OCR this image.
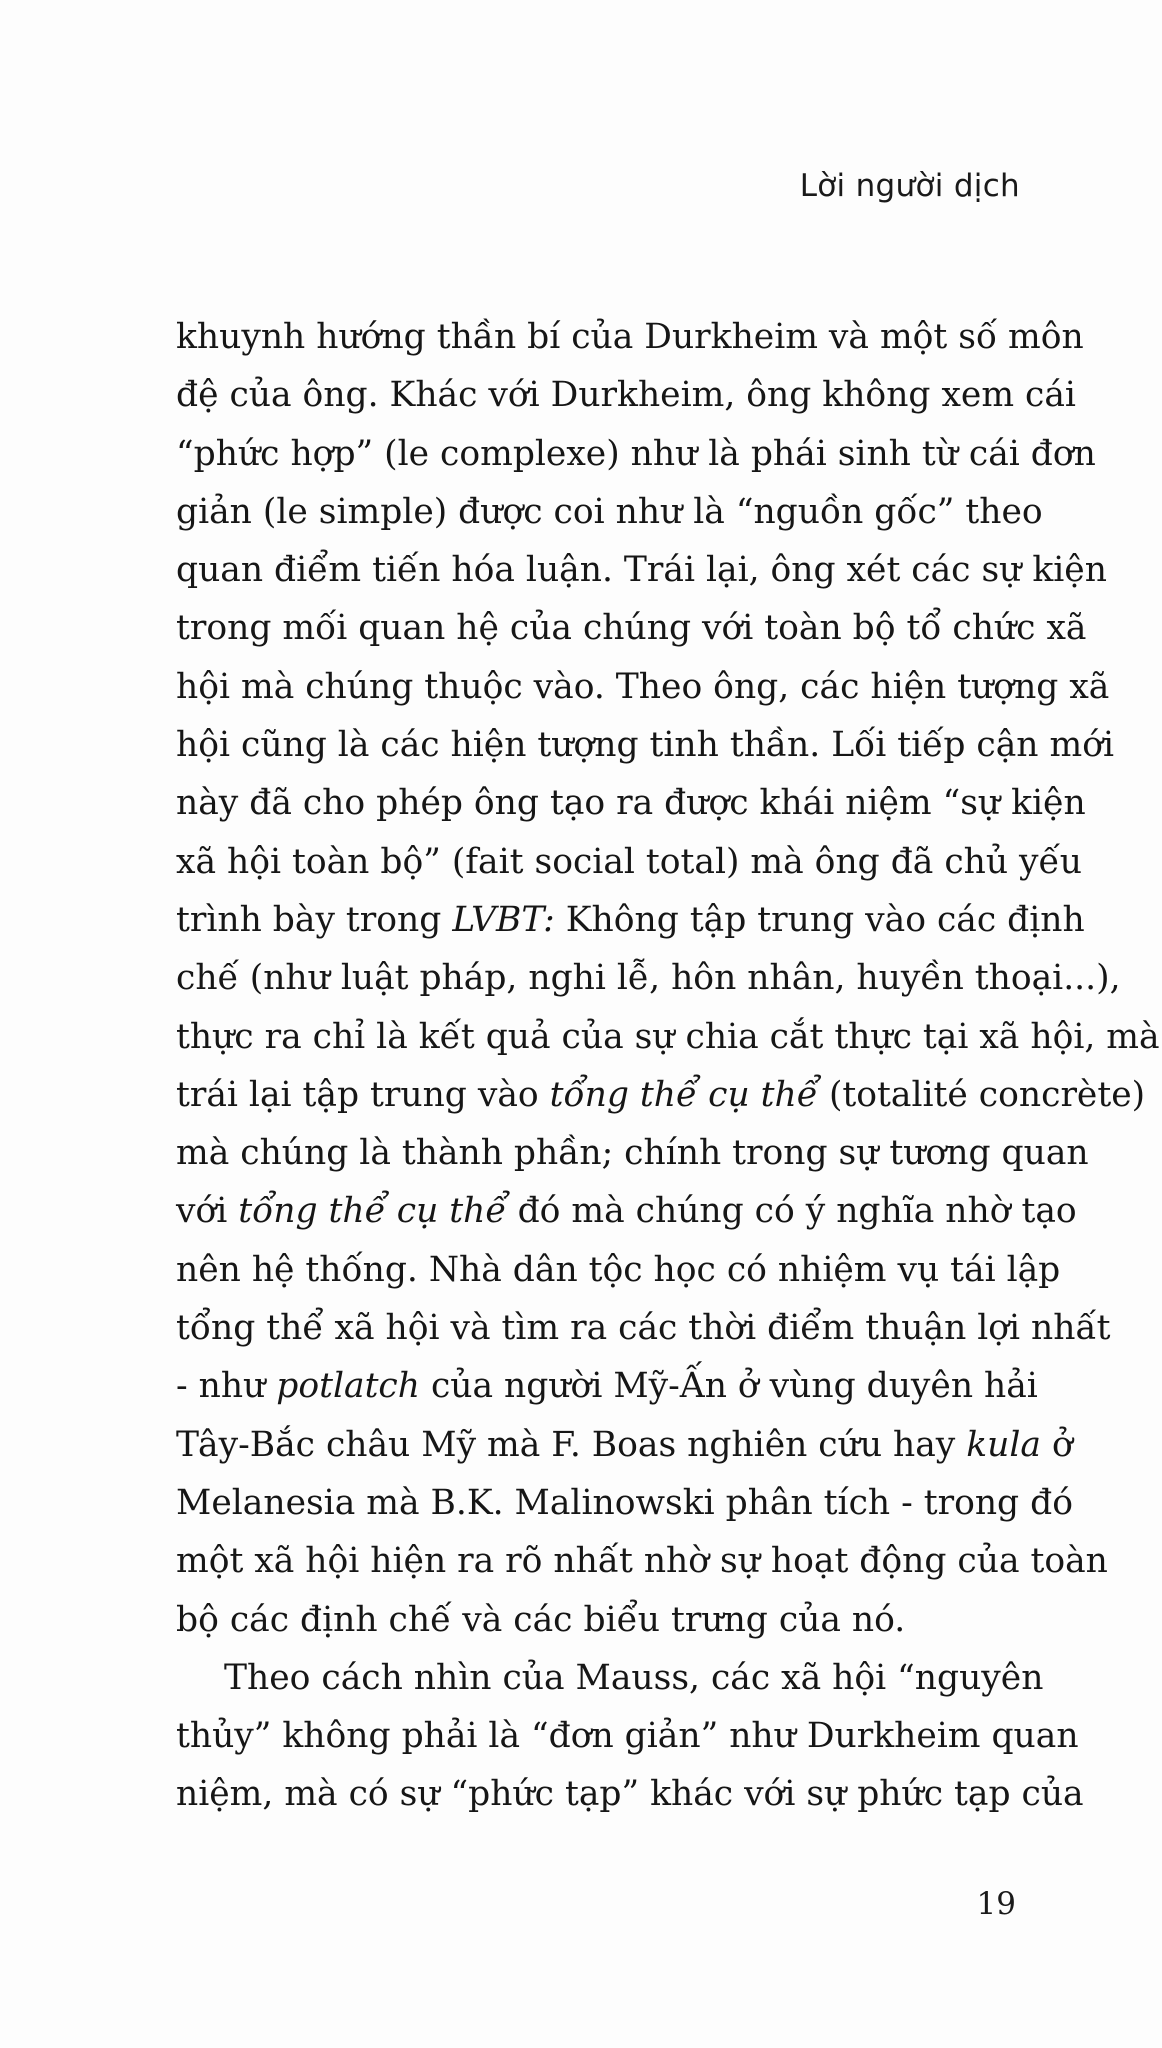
Lời người dịch
khuynh hướng thần bí của Durkheim và một số môn
đệ của ông. Khác với Durkheim, ông không xem cái
“phức hợp” (le complexe) như là phái sinh từ cái đơn
giản (le simple) được coi như là “nguồn gốc” theo
quan điểm tiến hóa luận. Trái lại, ông xét các sự kiện
trong mối quan hệ của chúng với toàn bộ tổ chức xã
hội mà chúng thuộc vào. Theo ông, các hiện tượng xã
hội cũng là các hiện tượng tinh thần. Lối tiếp cận mới
này đã cho phép ông tạo ra được khái niệm “sự kiện
xã hội toàn bộ” (fait social total) mà ông đã chủ yếu
trình bày trong LVBT: Không tập trung vào các định
chế (như luật pháp, nghi lễ, hôn nhân, huyền thoại...),
thực ra chỉ là kết quả của sự chia cắt thực tại xã hội, mà
trái lại tập trung vào tổng thể cụ thể (totalité concrète)
mà chúng là thành phần; chính trong sự tương quan
với tổng thể cụ thể đó mà chúng có ý nghĩa nhờ tạo
nên hệ thống. Nhà dân tộc học có nhiệm vụ tái lập
tổng thể xã hội và tìm ra các thời điểm thuận lợi nhất
- như potlatch của người Mỹ-Ấn ở vùng duyên hải
Tây-Bắc châu Mỹ mà F. Boas nghiên cứu hay kula ở
Melanesia mà B.K. Malinowski phân tích - trong đó
một xã hội hiện ra rõ nhất nhờ sự hoạt động của toàn
bộ các định chế và các biểu trưng của nó.
Theo cách nhìn của Mauss, các xã hội “nguyên
thủy” không phải là “đơn giản” như Durkheim quan
niệm, mà có sự “phức tạp” khác với sự phức tạp của
19
